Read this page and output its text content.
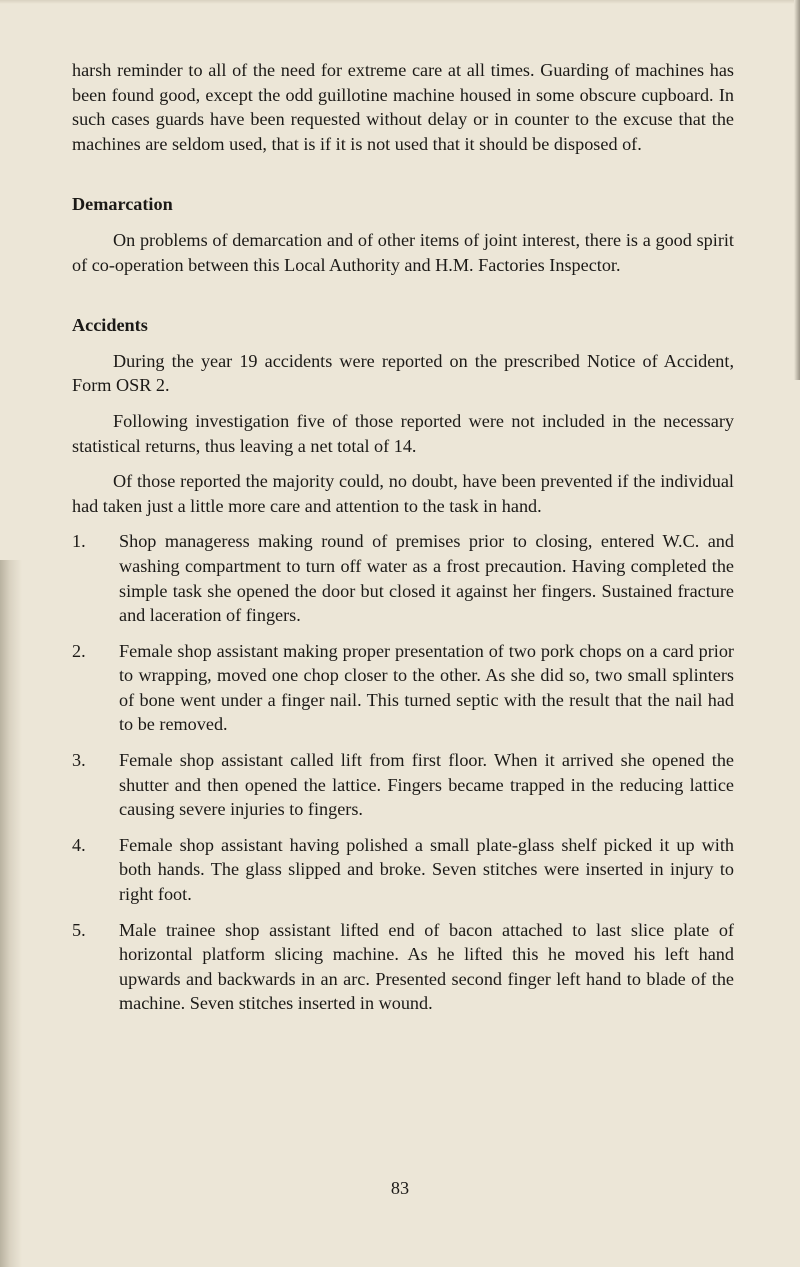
harsh reminder to all of the need for extreme care at all times. Guarding of machines has been found good, except the odd guillotine machine housed in some obscure cupboard. In such cases guards have been requested without delay or in counter to the excuse that the machines are seldom used, that is if it is not used that it should be disposed of.

Demarcation

On problems of demarcation and of other items of joint interest, there is a good spirit of co-operation between this Local Authority and H.M. Factories Inspector.

Accidents

During the year 19 accidents were reported on the prescribed Notice of Accident, Form OSR 2.

Following investigation five of those reported were not included in the necessary statistical returns, thus leaving a net total of 14.

Of those reported the majority could, no doubt, have been prevented if the individual had taken just a little more care and attention to the task in hand.

1. Shop manageress making round of premises prior to closing, entered W.C. and washing compartment to turn off water as a frost precaution. Having completed the simple task she opened the door but closed it against her fingers. Sustained fracture and laceration of fingers.
2. Female shop assistant making proper presentation of two pork chops on a card prior to wrapping, moved one chop closer to the other. As she did so, two small splinters of bone went under a finger nail. This turned septic with the result that the nail had to be removed.
3. Female shop assistant called lift from first floor. When it arrived she opened the shutter and then opened the lattice. Fingers became trapped in the reducing lattice causing severe injuries to fingers.
4. Female shop assistant having polished a small plate-glass shelf picked it up with both hands. The glass slipped and broke. Seven stitches were inserted in injury to right foot.
5. Male trainee shop assistant lifted end of bacon attached to last slice plate of horizontal platform slicing machine. As he lifted this he moved his left hand upwards and backwards in an arc. Presented second finger left hand to blade of the machine. Seven stitches inserted in wound.
83
